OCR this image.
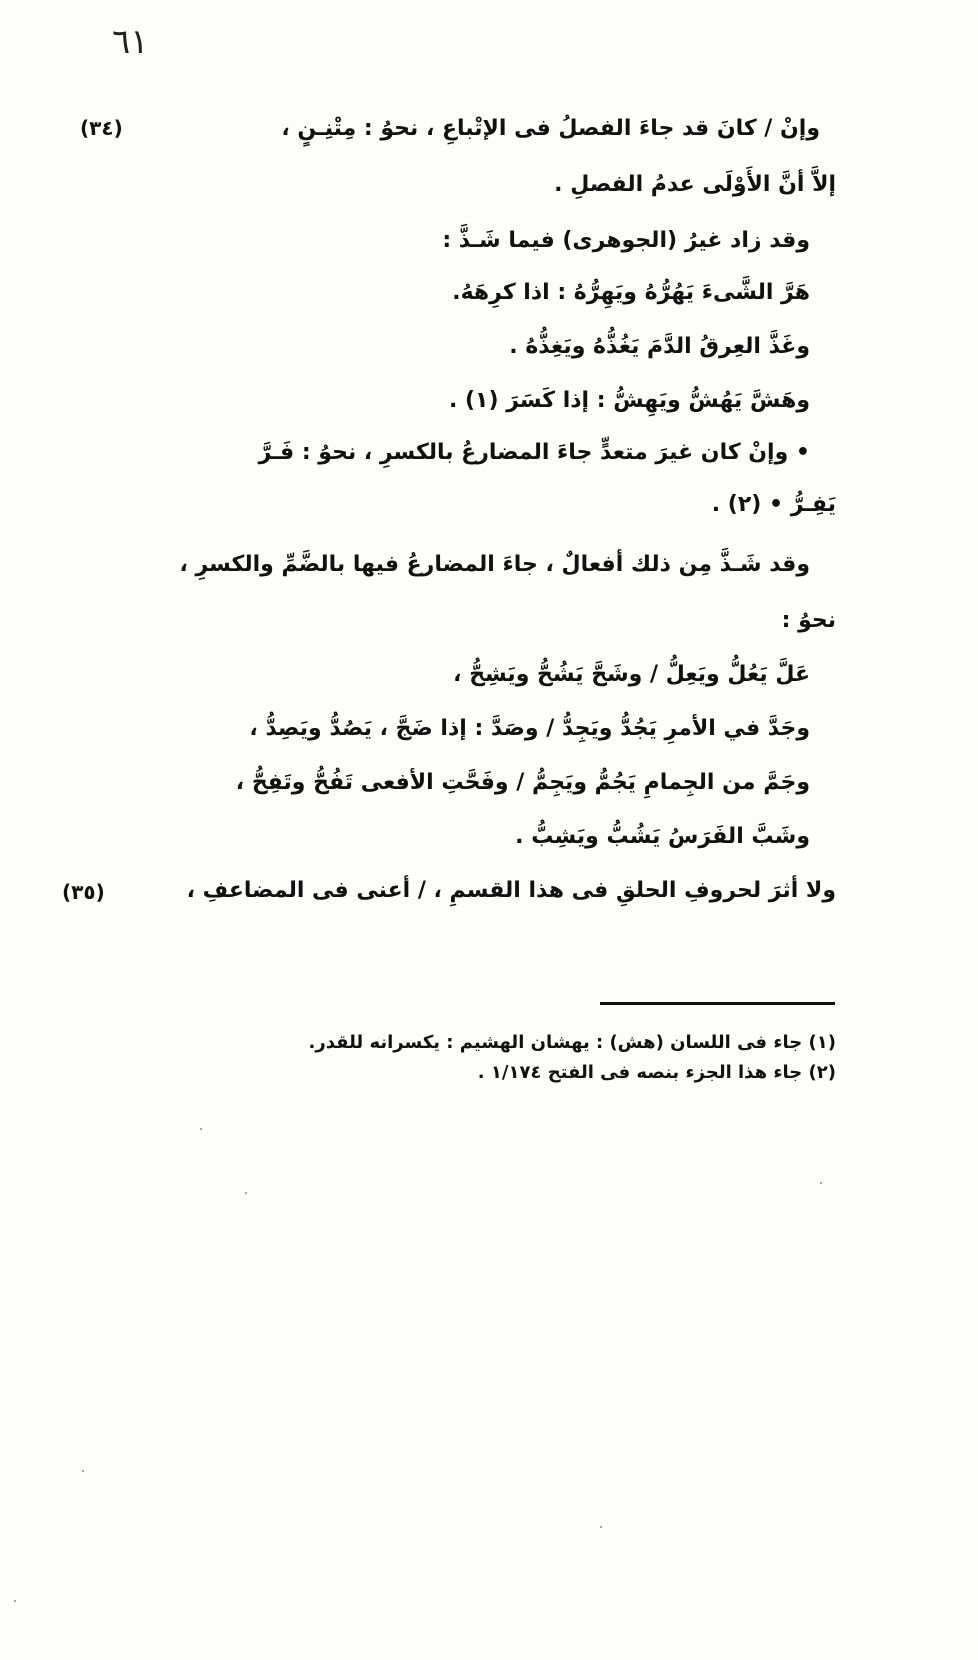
٦١
(٣٤)	وإنْ / كانَ قد جاءَ الفصلُ فى الإتْباعِ ، نحوُ : مِتْنِـنٍ ،
إلاَّ أنَّ الأَوْلَى عدمُ الفصلِ .
وقد زاد غيرُ (الجوهرى) فيما شَـذَّ :
هَرَّ الشَّىءَ يَهُرُّهُ ويَهِرُّهُ : اذا كرِهَهُ.
وغَذَّ العِرقُ الدَّمَ يَغُذُّهُ ويَغِذُّهُ .
وهَشَّ يَهُشُّ ويَهِشُّ : إذا كَسَرَ (١) .
• وإنْ كان غيرَ متعدٍّ جاءَ المضارعُ بالكسرِ ، نحوُ : فَـرَّ
يَفِـرُّ • (٢) .
وقد شَـذَّ مِن ذلك أفعالٌ ، جاءَ المضارعُ فيها بالضَّمِّ والكسرِ ،
نحوُ :
عَلَّ يَعُلُّ ويَعِلُّ / وشَحَّ يَشُحُّ ويَشِحُّ ،
وجَدَّ في الأمرِ يَجُدُّ ويَجِدُّ / وصَدَّ : إذا ضَجَّ ، يَصُدُّ ويَصِدُّ ،
وجَمَّ من الجِمامِ يَجُمُّ ويَجِمُّ / وفَحَّتِ الأفعى تَفُحُّ وتَفِحُّ ،
وشَبَّ الفَرَسُ يَشُبُّ ويَشِبُّ .
(٣٥)	ولا أثرَ لحروفِ الحلقِ فى هذا القسمِ ، / أعنى فى المضاعفِ ،
(١) جاء فى اللسان (هش) : يهشان الهشيم : يكسرانه للقدر.
(٢) جاء هذا الجزء بنصه فى الفتح ١/١٧٤ .
